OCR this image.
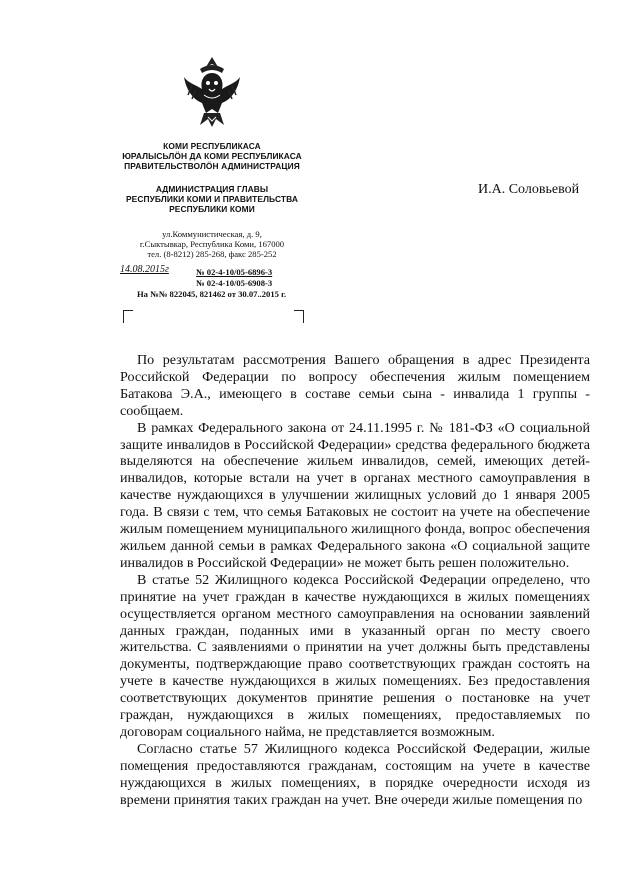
КОМИ РЕСПУБЛИКАСА
ЮРАЛЫСЬЛӦН ДА КОМИ РЕСПУБЛИКАСА
ПРАВИТЕЛЬСТВОЛӦН АДМИНИСТРАЦИЯ
АДМИНИСТРАЦИЯ ГЛАВЫ
РЕСПУБЛИКИ КОМИ И ПРАВИТЕЛЬСТВА
РЕСПУБЛИКИ КОМИ
ул.Коммунистическая, д. 9,
г.Сыктывкар, Республика Коми, 167000
тел. (8-8212) 285-268, факс 285-252
14.08.2015г	№ 02-4-10/05-6896-3
№ 02-4-10/05-6908-3
На №№ 822045, 821462 от 30.07..2015 г.
И.А. Соловьевой

По результатам рассмотрения Вашего обращения в адрес Президента Российской Федерации по вопросу обеспечения жилым помещением Батакова Э.А., имеющего в составе семьи сына - инвалида 1 группы - сообщаем.

В рамках Федерального закона от 24.11.1995 г. № 181-ФЗ «О социальной защите инвалидов в Российской Федерации» средства федерального бюджета выделяются на обеспечение жильем инвалидов, семей, имеющих детей-инвалидов, которые встали на учет в органах местного самоуправления в качестве нуждающихся в улучшении жилищных условий до 1 января 2005 года. В связи с тем, что семья Батаковых не состоит на учете на обеспечение жилым помещением муниципального жилищного фонда, вопрос обеспечения жильем данной семьи в рамках Федерального закона «О социальной защите инвалидов в Российской Федерации» не может быть решен положительно.

В статье 52 Жилищного кодекса Российской Федерации определено, что принятие на учет граждан в качестве нуждающихся в жилых помещениях осуществляется органом местного самоуправления на основании заявлений данных граждан, поданных ими в указанный орган по месту своего жительства. С заявлениями о принятии на учет должны быть представлены документы, подтверждающие право соответствующих граждан состоять на учете в качестве нуждающихся в жилых помещениях. Без предоставления соответствующих документов принятие решения о постановке на учет граждан, нуждающихся в жилых помещениях, предоставляемых по договорам социального найма, не представляется возможным.

Согласно статье 57 Жилищного кодекса Российской Федерации, жилые помещения предоставляются гражданам, состоящим на учете в качестве нуждающихся в жилых помещениях, в порядке очередности исходя из времени принятия таких граждан на учет. Вне очереди жилые помещения по
